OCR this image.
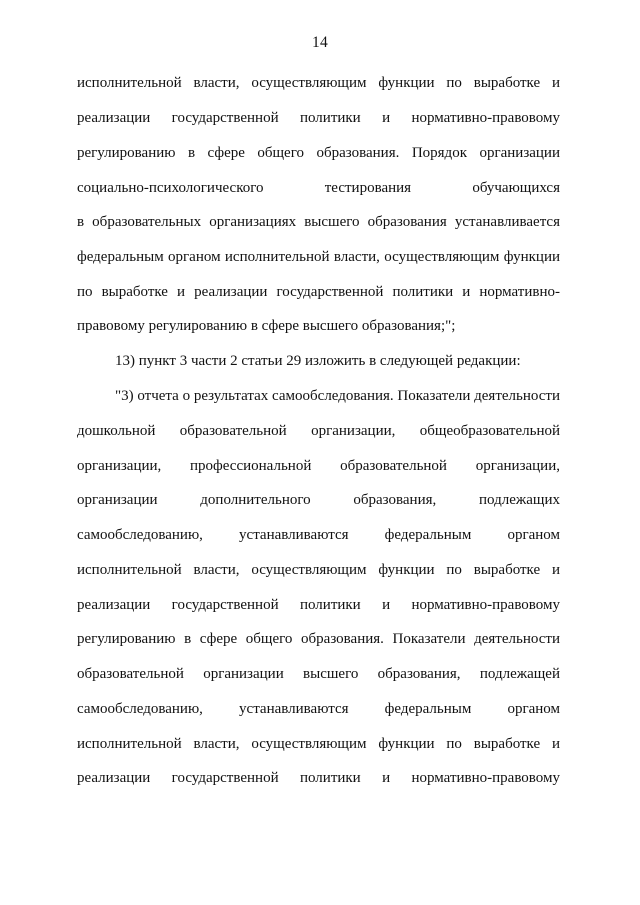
14
исполнительной власти, осуществляющим функции по выработке и
реализации государственной политики и нормативно-правовому
регулированию в сфере общего образования. Порядок организации
социально-психологического тестирования обучающихся
в образовательных организациях высшего образования устанавливается
федеральным органом исполнительной власти, осуществляющим функции
по выработке и реализации государственной политики и нормативно-
правовому регулированию в сфере высшего образования;";
13) пункт 3 части 2 статьи 29 изложить в следующей редакции:
"3) отчета о результатах самообследования. Показатели деятельности
дошкольной образовательной организации, общеобразовательной
организации, профессиональной образовательной организации,
организации дополнительного образования, подлежащих
самообследованию, устанавливаются федеральным органом
исполнительной власти, осуществляющим функции по выработке и
реализации государственной политики и нормативно-правовому
регулированию в сфере общего образования. Показатели деятельности
образовательной организации высшего образования, подлежащей
самообследованию, устанавливаются федеральным органом
исполнительной власти, осуществляющим функции по выработке и
реализации государственной политики и нормативно-правовому
